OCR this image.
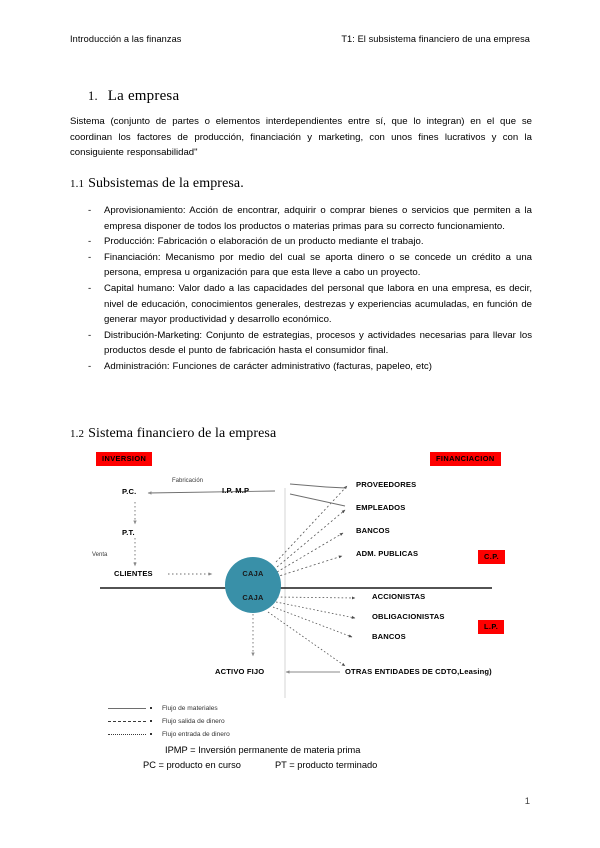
Introducción a las finanzas	T1: El subsistema financiero de una empresa
1. La empresa
Sistema (conjunto de partes o elementos interdependientes entre sí, que lo integran) en el que se coordinan los factores de producción, financiación y marketing, con unos fines lucrativos y con la consiguiente responsabilidad"
1.1 Subsistemas de la empresa.
-	Aprovisionamiento: Acción de encontrar, adquirir o comprar bienes o servicios que permiten a la empresa disponer de todos los productos o materias primas para su correcto funcionamiento.
-	Producción: Fabricación o elaboración de un producto mediante el trabajo.
-	Financiación: Mecanismo por medio del cual se aporta dinero o se concede un crédito a una persona, empresa u organización para que esta lleve a cabo un proyecto.
-	Capital humano: Valor dado a las capacidades del personal que labora en una empresa, es decir, nivel de educación, conocimientos generales, destrezas y experiencias acumuladas, en función de generar mayor productividad y desarrollo económico.
-	Distribución-Marketing: Conjunto de estrategias, procesos y actividades necesarias para llevar los productos desde el punto de fabricación hasta el consumidor final.
-	Administración: Funciones de carácter administrativo (facturas, papeleo, etc)
1.2 Sistema financiero de la empresa
INVERSION	FINANCIACION
C.P.
L.P.
Fabricación
Venta
P.C.
P.T.
CLIENTES
I.P. M.P
ACTIVO FIJO
CAJA
CAJA
PROVEEDORES
EMPLEADOS
BANCOS
ADM. PUBLICAS
ACCIONISTAS
OBLIGACIONISTAS
BANCOS
OTRAS ENTIDADES DE CDTO,Leasing)
Flujo de materiales
Flujo salida de dinero
Flujo entrada de dinero
IPMP = Inversión permanente de materia prima
PC = producto en curso	PT = producto terminado
1
